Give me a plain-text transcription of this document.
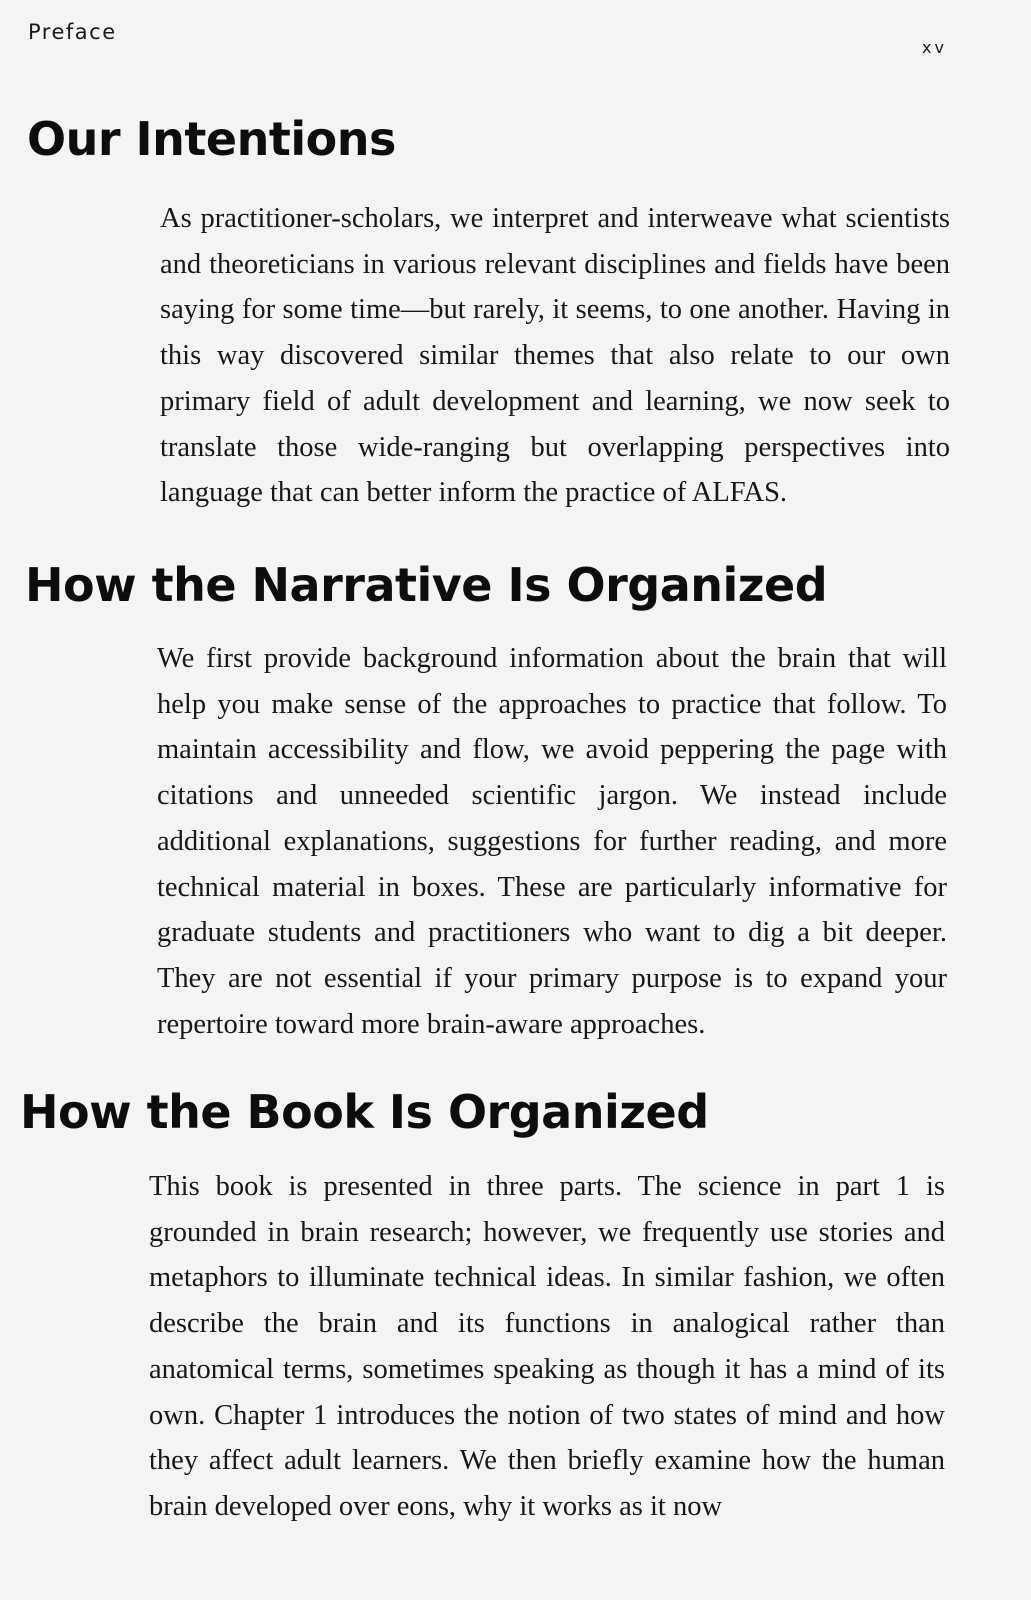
Preface
xv
Our Intentions

As practitioner-scholars, we interpret and interweave what scientists and theoreticians in various relevant disciplines and fields have been saying for some time—but rarely, it seems, to one another. Having in this way discovered similar themes that also relate to our own primary field of adult development and learning, we now seek to translate those wide-ranging but overlapping perspectives into language that can better inform the practice of ALFAS.

How the Narrative Is Organized

We first provide background information about the brain that will help you make sense of the approaches to practice that follow. To maintain accessibility and flow, we avoid peppering the page with citations and unneeded scientific jargon. We instead include additional explanations, suggestions for further reading, and more technical material in boxes. These are particularly informative for graduate students and practitioners who want to dig a bit deeper. They are not essential if your primary purpose is to expand your repertoire toward more brain-aware approaches.

How the Book Is Organized

This book is presented in three parts. The science in part 1 is grounded in brain research; however, we frequently use stories and metaphors to illuminate technical ideas. In similar fashion, we often describe the brain and its functions in analogical rather than anatomical terms, sometimes speaking as though it has a mind of its own. Chapter 1 introduces the notion of two states of mind and how they affect adult learners. We then briefly examine how the human brain developed over eons, why it works as it now
